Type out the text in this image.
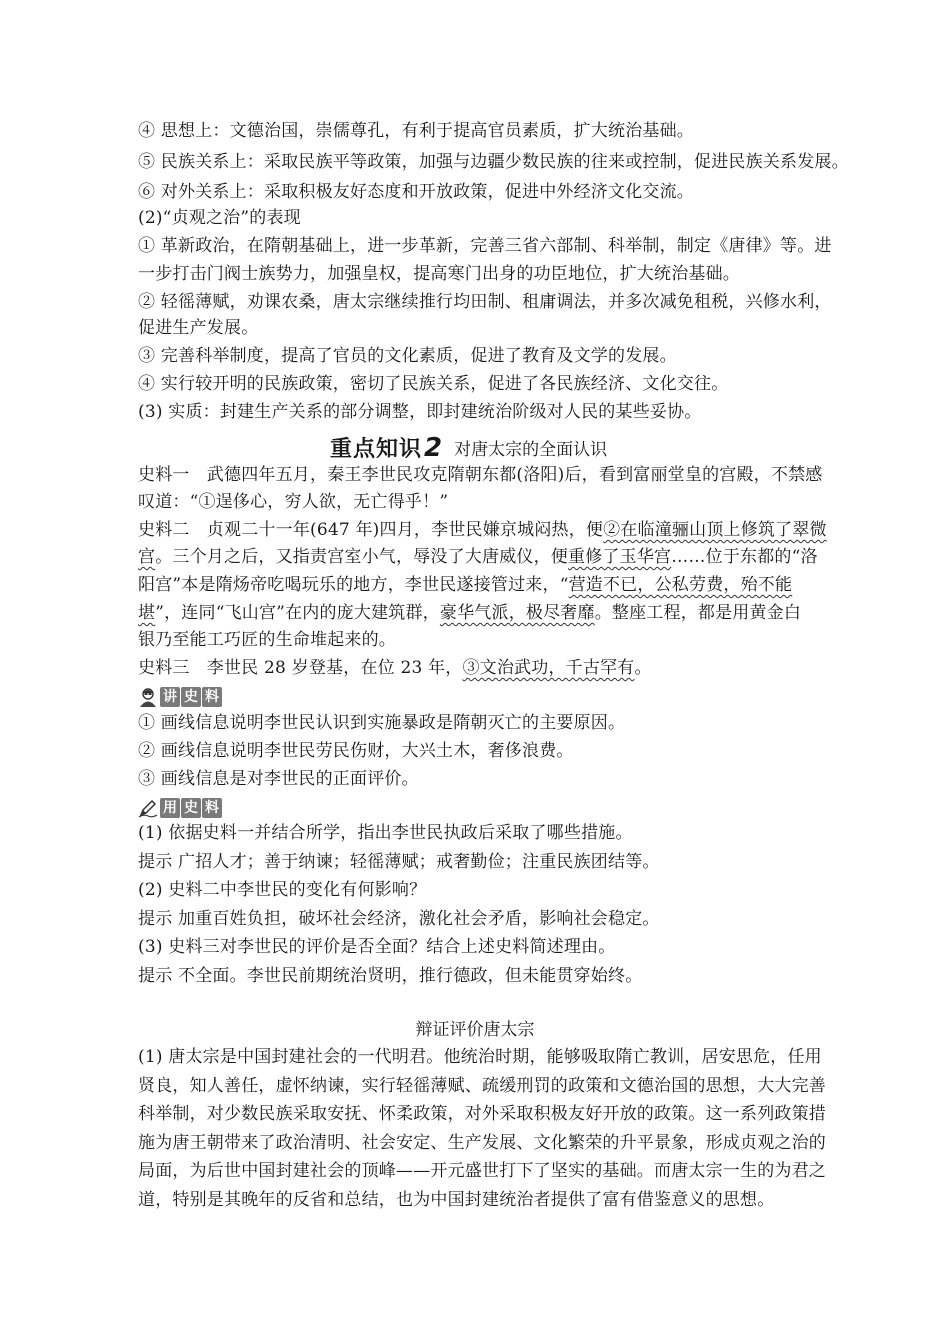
④ 思想上：文德治国，崇儒尊孔，有利于提高官员素质，扩大统治基础。
⑤ 民族关系上：采取民族平等政策，加强与边疆少数民族的往来或控制，促进民族关系发展。
⑥ 对外关系上：采取积极友好态度和开放政策，促进中外经济文化交流。
(2)“贞观之治”的表现
① 革新政治，在隋朝基础上，进一步革新，完善三省六部制、科举制，制定《唐律》等。进
一步打击门阀士族势力，加强皇权，提高寒门出身的功臣地位，扩大统治基础。
② 轻徭薄赋，劝课农桑，唐太宗继续推行均田制、租庸调法，并多次减免租税，兴修水利，
促进生产发展。
③ 完善科举制度，提高了官员的文化素质，促进了教育及文学的发展。
④ 实行较开明的民族政策，密切了民族关系，促进了各民族经济、文化交往。
(3) 实质：封建生产关系的部分调整，即封建统治阶级对人民的某些妥协。
重点知识2 对唐太宗的全面认识
史料一　武德四年五月，秦王李世民攻克隋朝东都(洛阳)后，看到富丽堂皇的宫殿，不禁感
叹道：“①逞侈心，穷人欲，无亡得乎！”
史料二　贞观二十一年(647 年)四月，李世民嫌京城闷热，便②在临潼骊山顶上修筑了翠微
宫。三个月之后，又指责宫室小气，辱没了大唐威仪，便重修了玉华宫……位于东都的“洛
阳宫”本是隋炀帝吃喝玩乐的地方，李世民遂接管过来，“营造不已，公私劳费，殆不能
堪”，连同“飞山宫”在内的庞大建筑群，豪华气派，极尽奢靡。整座工程，都是用黄金白
银乃至能工巧匠的生命堆起来的。
史料三　李世民 28 岁登基，在位 23 年，③文治武功，千古罕有。
讲 史 料
① 画线信息说明李世民认识到实施暴政是隋朝灭亡的主要原因。
② 画线信息说明李世民劳民伤财，大兴土木，奢侈浪费。
③ 画线信息是对李世民的正面评价。
用 史 料
(1) 依据史料一并结合所学，指出李世民执政后采取了哪些措施。
提示 广招人才；善于纳谏；轻徭薄赋；戒奢勤俭；注重民族团结等。
(2) 史料二中李世民的变化有何影响？
提示 加重百姓负担，破坏社会经济，激化社会矛盾，影响社会稳定。
(3) 史料三对李世民的评价是否全面？结合上述史料简述理由。
提示 不全面。李世民前期统治贤明，推行德政，但未能贯穿始终。
辩证评价唐太宗
(1) 唐太宗是中国封建社会的一代明君。他统治时期，能够吸取隋亡教训，居安思危，任用
贤良，知人善任，虚怀纳谏，实行轻徭薄赋、疏缓刑罚的政策和文德治国的思想，大大完善
科举制，对少数民族采取安抚、怀柔政策，对外采取积极友好开放的政策。这一系列政策措
施为唐王朝带来了政治清明、社会安定、生产发展、文化繁荣的升平景象，形成贞观之治的
局面，为后世中国封建社会的顶峰——开元盛世打下了坚实的基础。而唐太宗一生的为君之
道，特别是其晚年的反省和总结，也为中国封建统治者提供了富有借鉴意义的思想。
